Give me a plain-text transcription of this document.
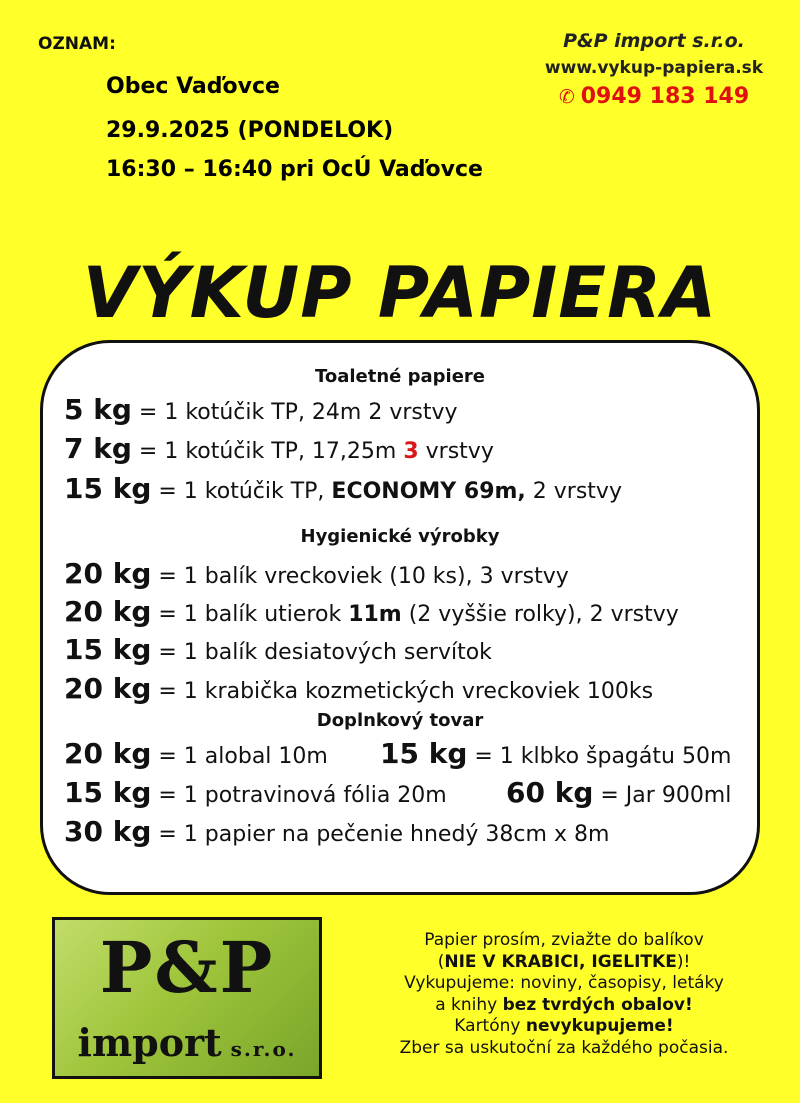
OZNAM:
Obec Vaďovce
29.9.2025 (PONDELOK)
16:30 – 16:40 pri OcÚ Vaďovce
P&P import s.r.o.
www.vykup-papiera.sk
✆ 0949 183 149
VÝKUP PAPIERA
Toaletné papiere
5 kg = 1 kotúčik TP, 24m 2 vrstvy
7 kg = 1 kotúčik TP, 17,25m 3 vrstvy
15 kg = 1 kotúčik TP, ECONOMY 69m, 2 vrstvy
Hygienické výrobky
20 kg = 1 balík vreckoviek (10 ks), 3 vrstvy
20 kg = 1 balík utierok 11m (2 vyššie rolky), 2 vrstvy
15 kg = 1 balík desiatových servítok
20 kg = 1 krabička kozmetických vreckoviek 100ks
Doplnkový tovar
20 kg = 1 alobal 10m 15 kg = 1 klbko špagátu 50m
15 kg = 1 potravinová fólia 20m 60 kg = Jar 900ml
30 kg = 1 papier na pečenie hnedý 38cm x 8m
P&P
import s.r.o.
Papier prosím, zviažte do balíkov
(NIE V KRABICI, IGELITKE)!
Vykupujeme: noviny, časopisy, letáky
a knihy bez tvrdých obalov!
Kartóny nevykupujeme!
Zber sa uskutoční za každého počasia.
